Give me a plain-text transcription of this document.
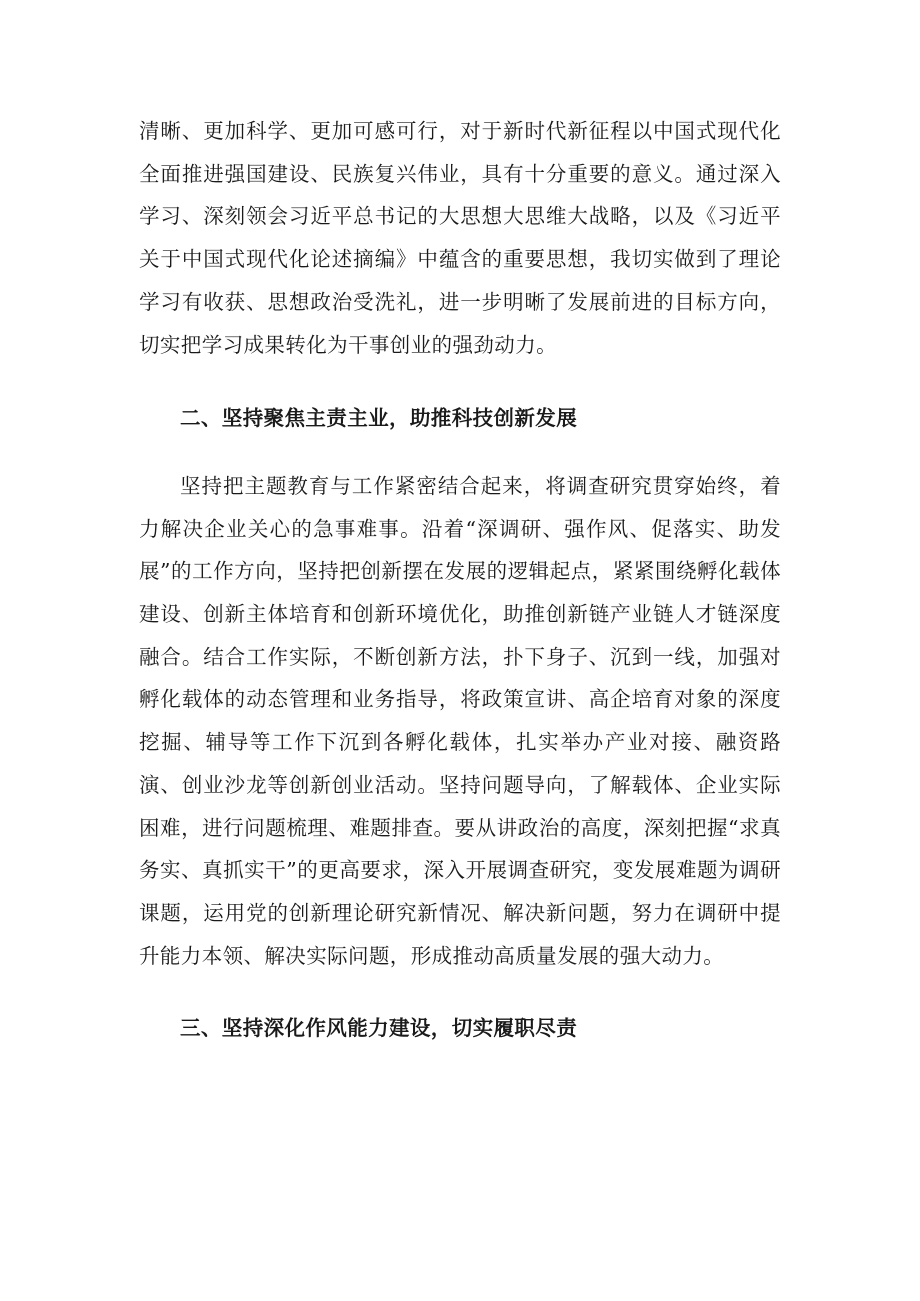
清晰、更加科学、更加可感可行，对于新时代新征程以中国式现代化全面推进强国建设、民族复兴伟业，具有十分重要的意义。通过深入学习、深刻领会习近平总书记的大思想大思维大战略，以及《习近平关于中国式现代化论述摘编》中蕴含的重要思想，我切实做到了理论学习有收获、思想政治受洗礼，进一步明晰了发展前进的目标方向，切实把学习成果转化为干事创业的强劲动力。

二、坚持聚焦主责主业，助推科技创新发展

坚持把主题教育与工作紧密结合起来，将调查研究贯穿始终，着力解决企业关心的急事难事。沿着“深调研、强作风、促落实、助发展”的工作方向，坚持把创新摆在发展的逻辑起点，紧紧围绕孵化载体建设、创新主体培育和创新环境优化，助推创新链产业链人才链深度融合。结合工作实际，不断创新方法，扑下身子、沉到一线，加强对孵化载体的动态管理和业务指导，将政策宣讲、高企培育对象的深度挖掘、辅导等工作下沉到各孵化载体，扎实举办产业对接、融资路演、创业沙龙等创新创业活动。坚持问题导向，了解载体、企业实际困难，进行问题梳理、难题排查。要从讲政治的高度，深刻把握“求真务实、真抓实干”的更高要求，深入开展调查研究，变发展难题为调研课题，运用党的创新理论研究新情况、解决新问题，努力在调研中提升能力本领、解决实际问题，形成推动高质量发展的强大动力。

三、坚持深化作风能力建设，切实履职尽责
